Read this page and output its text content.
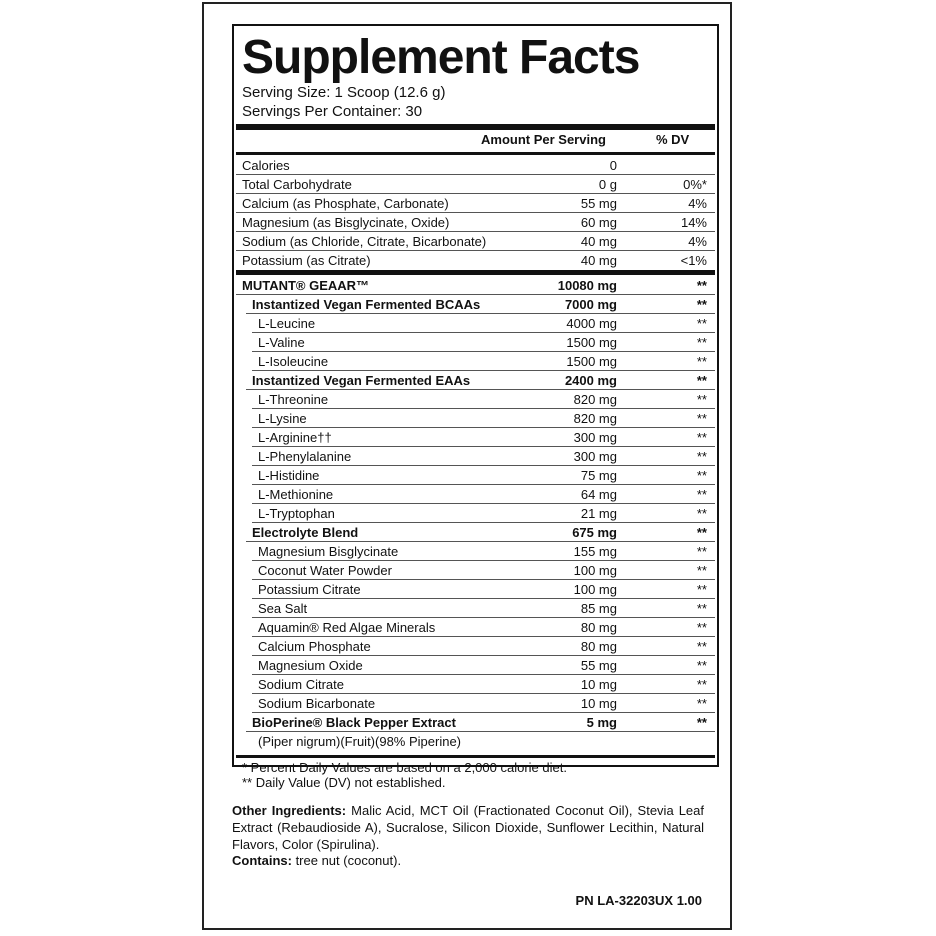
Supplement Facts
Serving Size: 1 Scoop (12.6 g)
Servings Per Container: 30
Amount Per Serving	% DV
Calories	0
Total Carbohydrate	0 g	0%*
Calcium (as Phosphate, Carbonate)	55 mg	4%
Magnesium (as Bisglycinate, Oxide)	60 mg	14%
Sodium (as Chloride, Citrate, Bicarbonate)	40 mg	4%
Potassium (as Citrate)	40 mg	<1%
MUTANT® GEAAR™	10080 mg	**
Instantized Vegan Fermented BCAAs	7000 mg	**
L-Leucine	4000 mg	**
L-Valine	1500 mg	**
L-Isoleucine	1500 mg	**
Instantized Vegan Fermented EAAs	2400 mg	**
L-Threonine	820 mg	**
L-Lysine	820 mg	**
L-Arginine††	300 mg	**
L-Phenylalanine	300 mg	**
L-Histidine	75 mg	**
L-Methionine	64 mg	**
L-Tryptophan	21 mg	**
Electrolyte Blend	675 mg	**
Magnesium Bisglycinate	155 mg	**
Coconut Water Powder	100 mg	**
Potassium Citrate	100 mg	**
Sea Salt	85 mg	**
Aquamin® Red Algae Minerals	80 mg	**
Calcium Phosphate	80 mg	**
Magnesium Oxide	55 mg	**
Sodium Citrate	10 mg	**
Sodium Bicarbonate	10 mg	**
BioPerine® Black Pepper Extract	5 mg	**
(Piper nigrum)(Fruit)(98% Piperine)
* Percent Daily Values are based on a 2,000 calorie diet.
** Daily Value (DV) not established.
Other Ingredients: Malic Acid, MCT Oil (Fractionated Coconut Oil), Stevia Leaf Extract (Rebaudioside A), Sucralose, Silicon Dioxide, Sunflower Lecithin, Natural Flavors, Color (Spirulina).
Contains: tree nut (coconut).
PN LA-32203UX 1.00
